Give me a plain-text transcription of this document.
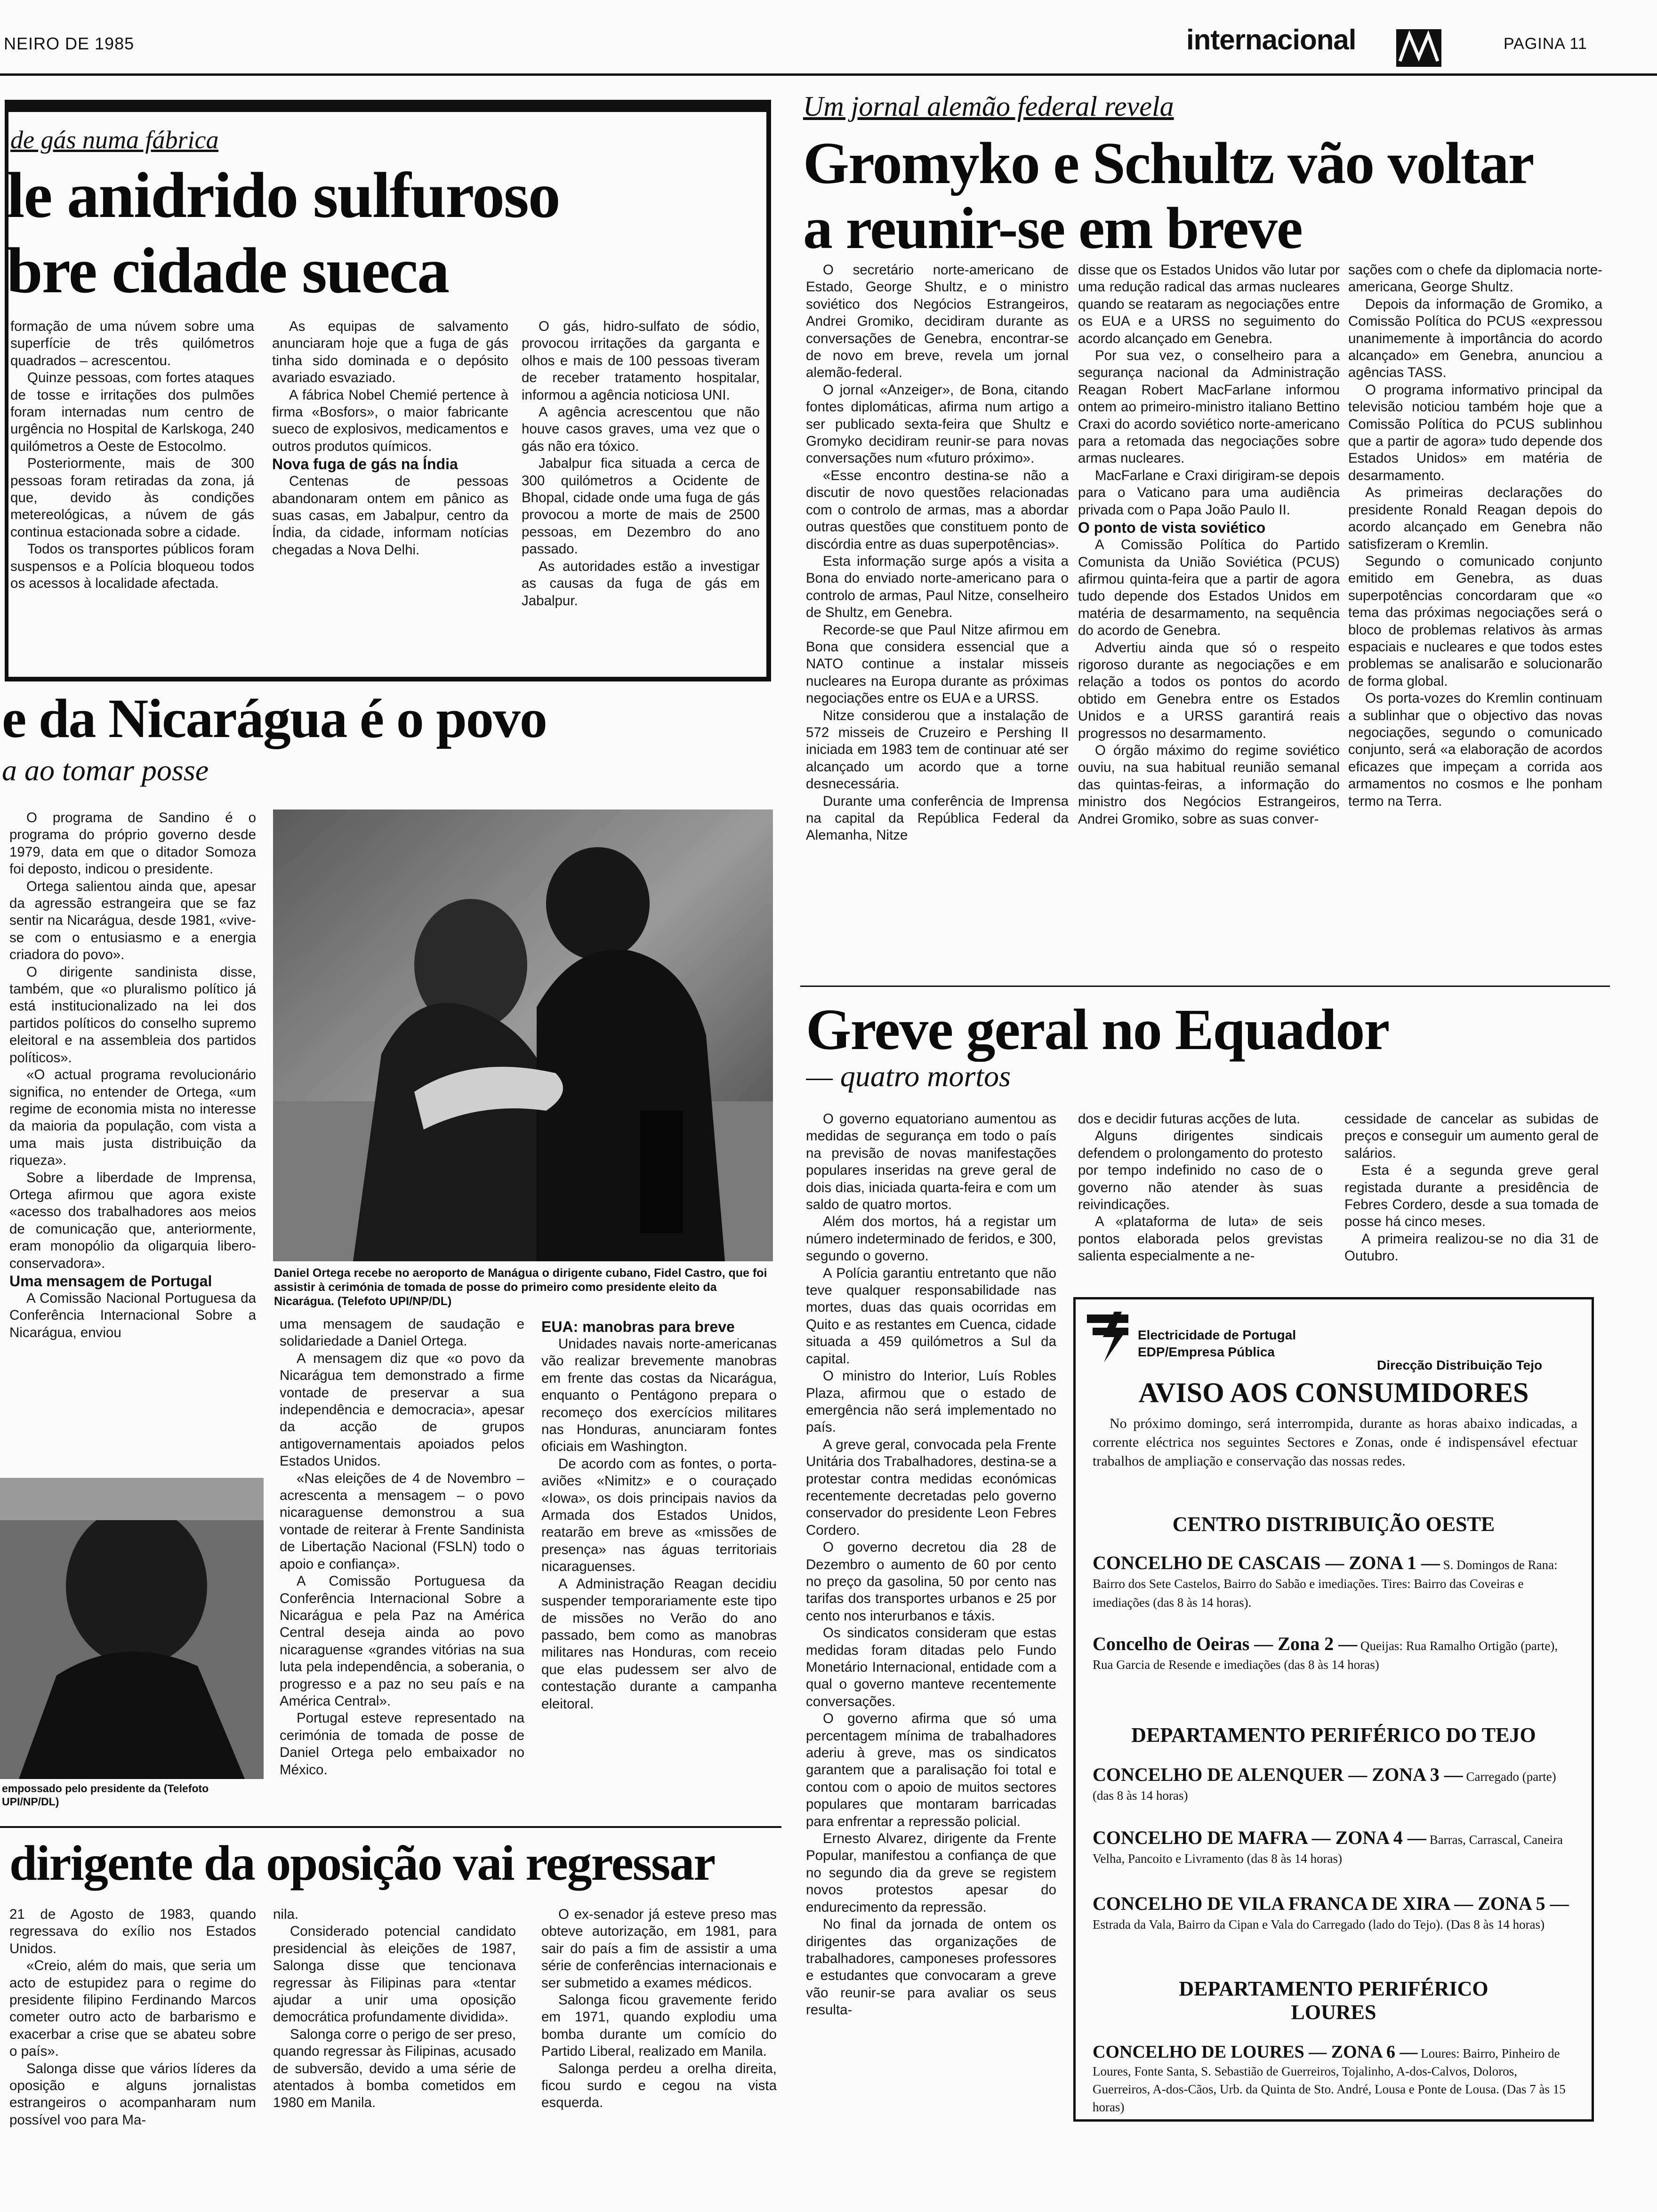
NEIRO DE 1985	internacional	PAGINA 11
de gás numa fábrica
le anidrido sulfuroso
bre cidade sueca

formação de uma núvem sobre uma superfície de três quilómetros quadrados – acrescentou.

Quinze pessoas, com fortes ataques de tosse e irritações dos pulmões foram internadas num centro de urgência no Hospital de Karlskoga, 240 quilómetros a Oeste de Estocolmo.

Posteriormente, mais de 300 pessoas foram retiradas da zona, já que, devido às condições metereológicas, a núvem de gás continua estacionada sobre a cidade.

Todos os transportes públicos foram suspensos e a Polícia bloqueou todos os acessos à localidade afectada.

As equipas de salvamento anunciaram hoje que a fuga de gás tinha sido dominada e o depósito avariado esvaziado.

A fábrica Nobel Chemié pertence à firma «Bosfors», o maior fabricante sueco de explosivos, medicamentos e outros produtos químicos.

Nova fuga de gás na Índia

Centenas de pessoas abandonaram ontem em pânico as suas casas, em Jabalpur, centro da Índia, da cidade, informam notícias chegadas a Nova Delhi.

O gás, hidro-sulfato de sódio, provocou irritações da garganta e olhos e mais de 100 pessoas tiveram de receber tratamento hospitalar, informou a agência noticiosa UNI.

A agência acrescentou que não houve casos graves, uma vez que o gás não era tóxico.

Jabalpur fica situada a cerca de 300 quilómetros a Ocidente de Bhopal, cidade onde uma fuga de gás provocou a morte de mais de 2500 pessoas, em Dezembro do ano passado.

As autoridades estão a investigar as causas da fuga de gás em Jabalpur.

Um jornal alemão federal revela
Gromyko e Schultz vão voltar
a reunir-se em breve

O secretário norte-americano de Estado, George Shultz, e o ministro soviético dos Negócios Estrangeiros, Andrei Gromiko, decidiram durante as conversações de Genebra, encontrar-se de novo em breve, revela um jornal alemão-federal.

O jornal «Anzeiger», de Bona, citando fontes diplomáticas, afirma num artigo a ser publicado sexta-feira que Shultz e Gromyko decidiram reunir-se para novas conversações num «futuro próximo».

«Esse encontro destina-se não a discutir de novo questões relacionadas com o controlo de armas, mas a abordar outras questões que constituem ponto de discórdia entre as duas superpotências».

Esta informação surge após a visita a Bona do enviado norte-americano para o controlo de armas, Paul Nitze, conselheiro de Shultz, em Genebra.

Recorde-se que Paul Nitze afirmou em Bona que considera essencial que a NATO continue a instalar misseis nucleares na Europa durante as próximas negociações entre os EUA e a URSS.

Nitze considerou que a instalação de 572 misseis de Cruzeiro e Pershing II iniciada em 1983 tem de continuar até ser alcançado um acordo que a torne desnecessária.

Durante uma conferência de Imprensa na capital da República Federal da Alemanha, Nitze

disse que os Estados Unidos vão lutar por uma redução radical das armas nucleares quando se reataram as negociações entre os EUA e a URSS no seguimento do acordo alcançado em Genebra.

Por sua vez, o conselheiro para a segurança nacional da Administração Reagan Robert MacFarlane informou ontem ao primeiro-ministro italiano Bettino Craxi do acordo soviético norte-americano para a retomada das negociações sobre armas nucleares.

MacFarlane e Craxi dirigiram-se depois para o Vaticano para uma audiência privada com o Papa João Paulo II.

O ponto de vista soviético

A Comissão Política do Partido Comunista da União Soviética (PCUS) afirmou quinta-feira que a partir de agora tudo depende dos Estados Unidos em matéria de desarmamento, na sequência do acordo de Genebra.

Advertiu ainda que só o respeito rigoroso durante as negociações e em relação a todos os pontos do acordo obtido em Genebra entre os Estados Unidos e a URSS garantirá reais progressos no desarmamento.

O órgão máximo do regime soviético ouviu, na sua habitual reunião semanal das quintas-feiras, a informação do ministro dos Negócios Estrangeiros, Andrei Gromiko, sobre as suas conver-

sações com o chefe da diplomacia norte-americana, George Shultz.

Depois da informação de Gromiko, a Comissão Política do PCUS «expressou unanimemente à importância do acordo alcançado» em Genebra, anunciou a agências TASS.

O programa informativo principal da televisão noticiou também hoje que a Comissão Política do PCUS sublinhou que a partir de agora» tudo depende dos Estados Unidos» em matéria de desarmamento.

As primeiras declarações do presidente Ronald Reagan depois do acordo alcançado em Genebra não satisfizeram o Kremlin.

Segundo o comunicado conjunto emitido em Genebra, as duas superpotências concordaram que «o tema das próximas negociações será o bloco de problemas relativos às armas espaciais e nucleares e que todos estes problemas se analisarão e solucionarão de forma global.

Os porta-vozes do Kremlin continuam a sublinhar que o objectivo das novas negociações, segundo o comunicado conjunto, será «a elaboração de acordos eficazes que impeçam a corrida aos armamentos no cosmos e lhe ponham termo na Terra.

e da Nicarágua é o povo
a ao tomar posse

O programa de Sandino é o programa do próprio governo desde 1979, data em que o ditador Somoza foi deposto, indicou o presidente.

Ortega salientou ainda que, apesar da agressão estrangeira que se faz sentir na Nicarágua, desde 1981, «vive-se com o entusiasmo e a energia criadora do povo».

O dirigente sandinista disse, também, que «o pluralismo político já está institucionalizado na lei dos partidos políticos do conselho supremo eleitoral e na assembleia dos partidos políticos».

«O actual programa revolucionário significa, no entender de Ortega, «um regime de economia mista no interesse da maioria da população, com vista a uma mais justa distribuição da riqueza».

Sobre a liberdade de Imprensa, Ortega afirmou que agora existe «acesso dos trabalhadores aos meios de comunicação que, anteriormente, eram monopólio da oligarquia libero-conservadora».

Uma mensagem de Portugal

A Comissão Nacional Portuguesa da Conferência Internacional Sobre a Nicarágua, enviou

Daniel Ortega recebe no aeroporto de Manágua o dirigente cubano, Fidel Castro, que foi assistir à cerimónia de tomada de posse do primeiro como presidente eleito da Nicarágua. (Telefoto UPI/NP/DL)
empossado pelo presidente da (Telefoto UPI/NP/DL)

uma mensagem de saudação e solidariedade a Daniel Ortega.

A mensagem diz que «o povo da Nicarágua tem demonstrado a firme vontade de preservar a sua independência e democracia», apesar da acção de grupos antigovernamentais apoiados pelos Estados Unidos.

«Nas eleições de 4 de Novembro – acrescenta a mensagem – o povo nicaraguense demonstrou a sua vontade de reiterar à Frente Sandinista de Libertação Nacional (FSLN) todo o apoio e confiança».

A Comissão Portuguesa da Conferência Internacional Sobre a Nicarágua e pela Paz na América Central deseja ainda ao povo nicaraguense «grandes vitórias na sua luta pela independência, a soberania, o progresso e a paz no seu país e na América Central».

Portugal esteve representado na cerimónia de tomada de posse de Daniel Ortega pelo embaixador no México.

EUA: manobras para breve

Unidades navais norte-americanas vão realizar brevemente manobras em frente das costas da Nicarágua, enquanto o Pentágono prepara o recomeço dos exercícios militares nas Honduras, anunciaram fontes oficiais em Washington.

De acordo com as fontes, o porta-aviões «Nimitz» e o couraçado «Iowa», os dois principais navios da Armada dos Estados Unidos, reatarão em breve as «missões de presença» nas águas territoriais nicaraguenses.

A Administração Reagan decidiu suspender temporariamente este tipo de missões no Verão do ano passado, bem como as manobras militares nas Honduras, com receio que elas pudessem ser alvo de contestação durante a campanha eleitoral.

dirigente da oposição vai regressar

21 de Agosto de 1983, quando regressava do exílio nos Estados Unidos.

«Creio, além do mais, que seria um acto de estupidez para o regime do presidente filipino Ferdinando Marcos cometer outro acto de barbarismo e exacerbar a crise que se abateu sobre o país».

Salonga disse que vários líderes da oposição e alguns jornalistas estrangeiros o acompanharam num possível voo para Ma-

nila.

Considerado potencial candidato presidencial às eleições de 1987, Salonga disse que tencionava regressar às Filipinas para «tentar ajudar a unir uma oposição democrática profundamente dividida».

Salonga corre o perigo de ser preso, quando regressar às Filipinas, acusado de subversão, devido a uma série de atentados à bomba cometidos em 1980 em Manila.

O ex-senador já esteve preso mas obteve autorização, em 1981, para sair do país a fim de assistir a uma série de conferências internacionais e ser submetido a exames médicos.

Salonga ficou gravemente ferido em 1971, quando explodiu uma bomba durante um comício do Partido Liberal, realizado em Manila.

Salonga perdeu a orelha direita, ficou surdo e cegou na vista esquerda.

Greve geral no Equador
— quatro mortos

O governo equatoriano aumentou as medidas de segurança em todo o país na previsão de novas manifestações populares inseridas na greve geral de dois dias, iniciada quarta-feira e com um saldo de quatro mortos.

Além dos mortos, há a registar um número indeterminado de feridos, e 300, segundo o governo.

A Polícia garantiu entretanto que não teve qualquer responsabilidade nas mortes, duas das quais ocorridas em Quito e as restantes em Cuenca, cidade situada a 459 quilómetros a Sul da capital.

O ministro do Interior, Luís Robles Plaza, afirmou que o estado de emergência não será implementado no país.

A greve geral, convocada pela Frente Unitária dos Trabalhadores, destina-se a protestar contra medidas económicas recentemente decretadas pelo governo conservador do presidente Leon Febres Cordero.

O governo decretou dia 28 de Dezembro o aumento de 60 por cento no preço da gasolina, 50 por cento nas tarifas dos transportes urbanos e 25 por cento nos interurbanos e táxis.

Os sindicatos consideram que estas medidas foram ditadas pelo Fundo Monetário Internacional, entidade com a qual o governo manteve recentemente conversações.

O governo afirma que só uma percentagem mínima de trabalhadores aderiu à greve, mas os sindicatos garantem que a paralisação foi total e contou com o apoio de muitos sectores populares que montaram barricadas para enfrentar a repressão policial.

Ernesto Alvarez, dirigente da Frente Popular, manifestou a confiança de que no segundo dia da greve se registem novos protestos apesar do endurecimento da repressão.

No final da jornada de ontem os dirigentes das organizações de trabalhadores, camponeses professores e estudantes que convocaram a greve vão reunir-se para avaliar os seus resulta-

dos e decidir futuras acções de luta.

Alguns dirigentes sindicais defendem o prolongamento do protesto por tempo indefinido no caso de o governo não atender às suas reivindicações.

A «plataforma de luta» de seis pontos elaborada pelos grevistas salienta especialmente a ne-

cessidade de cancelar as subidas de preços e conseguir um aumento geral de salários.

Esta é a segunda greve geral registada durante a presidência de Febres Cordero, desde a sua tomada de posse há cinco meses.

A primeira realizou-se no dia 31 de Outubro.

Electricidade de Portugal
EDP/Empresa Pública
Direcção Distribuição Tejo
AVISO AOS CONSUMIDORES
No próximo domingo, será interrompida, durante as horas abaixo indicadas, a corrente eléctrica nos seguintes Sectores e Zonas, onde é indispensável efectuar trabalhos de ampliação e conservação das nossas redes.
CENTRO DISTRIBUIÇÃO OESTE
CONCELHO DE CASCAIS — ZONA 1 — S. Domingos de Rana: Bairro dos Sete Castelos, Bairro do Sabão e imediações. Tires: Bairro das Coveiras e imediações (das 8 às 14 horas).
Concelho de Oeiras — Zona 2 — Queijas: Rua Ramalho Ortigão (parte), Rua Garcia de Resende e imediações (das 8 às 14 horas)
DEPARTAMENTO PERIFÉRICO DO TEJO
CONCELHO DE ALENQUER — ZONA 3 — Carregado (parte) (das 8 às 14 horas)
CONCELHO DE MAFRA — ZONA 4 — Barras, Carrascal, Caneira Velha, Pancoito e Livramento (das 8 às 14 horas)
CONCELHO DE VILA FRANCA DE XIRA — ZONA 5 — Estrada da Vala, Bairro da Cipan e Vala do Carregado (lado do Tejo). (Das 8 às 14 horas)
DEPARTAMENTO PERIFÉRICO
LOURES
CONCELHO DE LOURES — ZONA 6 — Loures: Bairro, Pinheiro de Loures, Fonte Santa, S. Sebastião de Guerreiros, Tojalinho, A-dos-Calvos, Doloros, Guerreiros, A-dos-Cãos, Urb. da Quinta de Sto. André, Lousa e Ponte de Lousa. (Das 7 às 15 horas)
